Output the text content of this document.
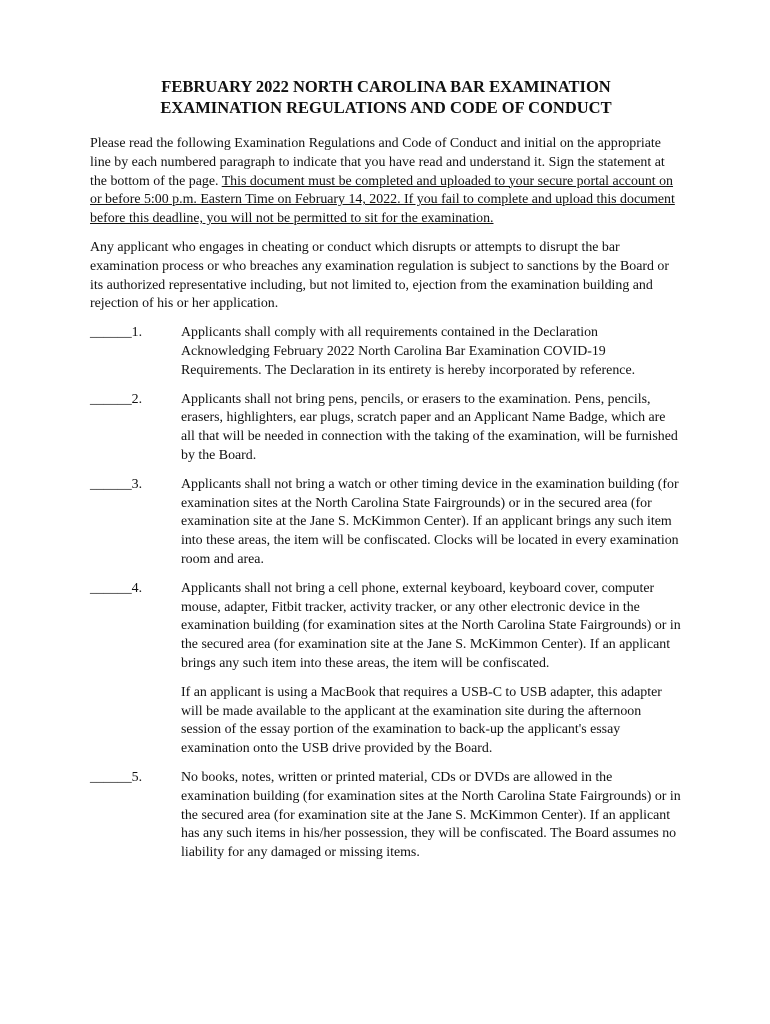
FEBRUARY 2022 NORTH CAROLINA BAR EXAMINATION
EXAMINATION REGULATIONS AND CODE OF CONDUCT

Please read the following Examination Regulations and Code of Conduct and initial on the appropriate line by each numbered paragraph to indicate that you have read and understand it. Sign the statement at the bottom of the page. This document must be completed and uploaded to your secure portal account on or before 5:00 p.m. Eastern Time on February 14, 2022. If you fail to complete and upload this document before this deadline, you will not be permitted to sit for the examination.

Any applicant who engages in cheating or conduct which disrupts or attempts to disrupt the bar examination process or who breaches any examination regulation is subject to sanctions by the Board or its authorized representative including, but not limited to, ejection from the examination building and rejection of his or her application.

______1.	Applicants shall comply with all requirements contained in the Declaration Acknowledging February 2022 North Carolina Bar Examination COVID-19 Requirements. The Declaration in its entirety is hereby incorporated by reference.

______2.	Applicants shall not bring pens, pencils, or erasers to the examination. Pens, pencils, erasers, highlighters, ear plugs, scratch paper and an Applicant Name Badge, which are all that will be needed in connection with the taking of the examination, will be furnished by the Board.

______3.	Applicants shall not bring a watch or other timing device in the examination building (for examination sites at the North Carolina State Fairgrounds) or in the secured area (for examination site at the Jane S. McKimmon Center). If an applicant brings any such item into these areas, the item will be confiscated. Clocks will be located in every examination room and area.

______4.	Applicants shall not bring a cell phone, external keyboard, keyboard cover, computer mouse, adapter, Fitbit tracker, activity tracker, or any other electronic device in the examination building (for examination sites at the North Carolina State Fairgrounds) or in the secured area (for examination site at the Jane S. McKimmon Center). If an applicant brings any such item into these areas, the item will be confiscated.

If an applicant is using a MacBook that requires a USB-C to USB adapter, this adapter will be made available to the applicant at the examination site during the afternoon session of the essay portion of the examination to back-up the applicant's essay examination onto the USB drive provided by the Board.

______5.	No books, notes, written or printed material, CDs or DVDs are allowed in the examination building (for examination sites at the North Carolina State Fairgrounds) or in the secured area (for examination site at the Jane S. McKimmon Center). If an applicant has any such items in his/her possession, they will be confiscated. The Board assumes no liability for any damaged or missing items.
